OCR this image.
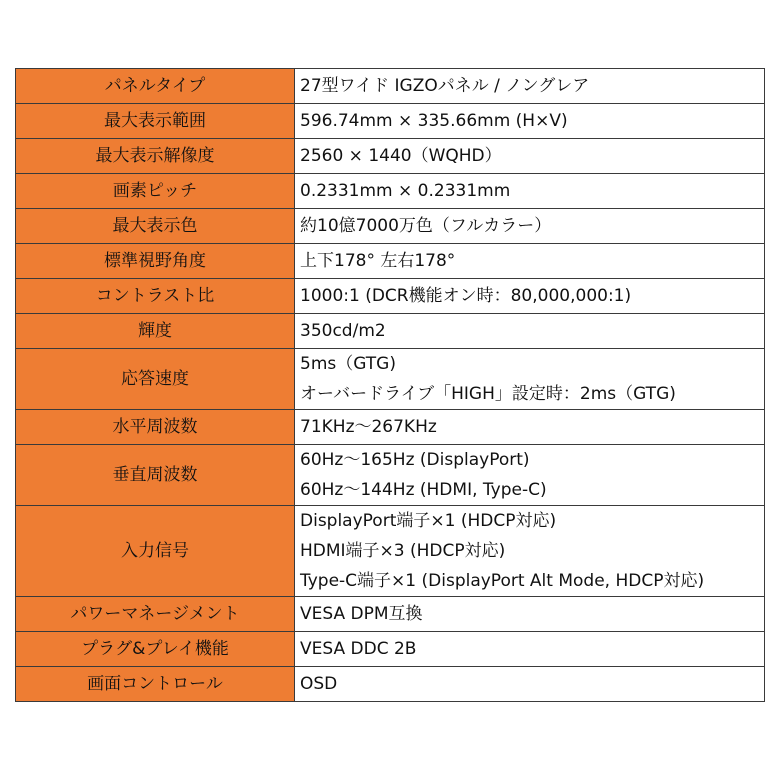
パネルタイプ	27型ワイド IGZOパネル / ノングレア

最大表示範囲	596.74mm × 335.66mm (H×V)

最大表示解像度	2560 × 1440（WQHD）

画素ピッチ	0.2331mm × 0.2331mm

最大表示色	約10億7000万色（フルカラー）

標準視野角度	上下178° 左右178°

コントラスト比	1000:1 (DCR機能オン時：80,000,000:1)

輝度	350cd/m2

応答速度	5ms（GTG)
オーバードライブ「HIGH」設定時：2ms（GTG)

水平周波数	71KHz～267KHz

垂直周波数	60Hz～165Hz (DisplayPort)
60Hz～144Hz (HDMI, Type-C)

入力信号	DisplayPort端子×1 (HDCP対応)
HDMI端子×3 (HDCP対応)
Type-C端子×1 (DisplayPort Alt Mode, HDCP対応)

パワーマネージメント	VESA DPM互換

プラグ&プレイ機能	VESA DDC 2B

画面コントロール	OSD
